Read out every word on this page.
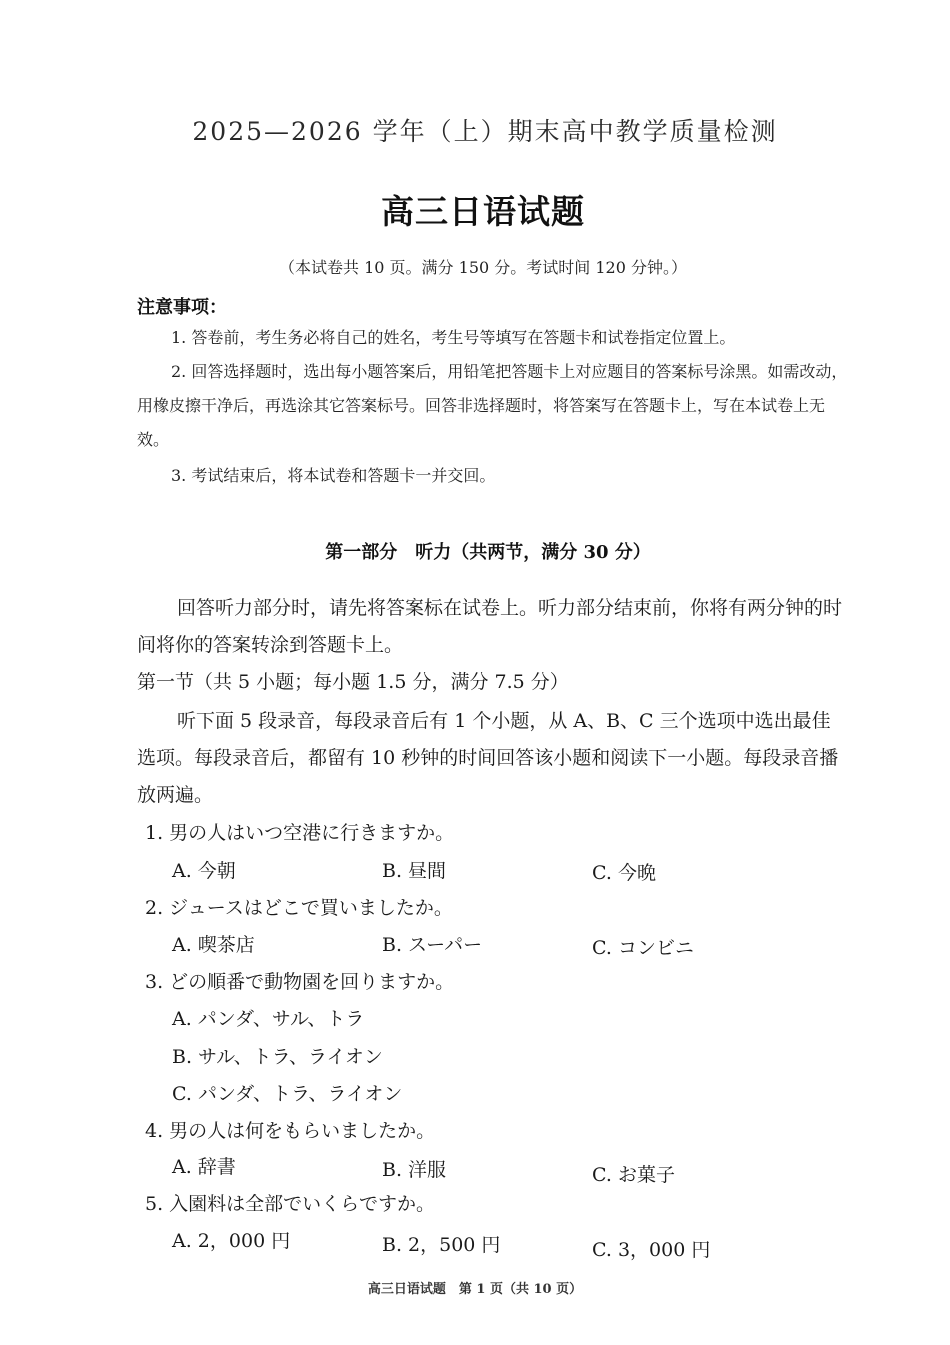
2025—2026 学年（上）期末高中教学质量检测
高三日语试题
（本试卷共 10 页。满分 150 分。考试时间 120 分钟。）
注意事项：
1. 答卷前，考生务必将自己的姓名，考生号等填写在答题卡和试卷指定位置上。
2. 回答选择题时，选出每小题答案后，用铅笔把答题卡上对应题目的答案标号涂黑。如需改动，用橡皮擦干净后，再选涂其它答案标号。回答非选择题时，将答案写在答题卡上，写在本试卷上无效。
3. 考试结束后，将本试卷和答题卡一并交回。
第一部分　听力（共两节，满分 30 分）
回答听力部分时，请先将答案标在试卷上。听力部分结束前，你将有两分钟的时间将你的答案转涂到答题卡上。
第一节（共 5 小题；每小题 1.5 分，满分 7.5 分）
听下面 5 段录音，每段录音后有 1 个小题，从 A、B、C 三个选项中选出最佳选项。每段录音后，都留有 10 秒钟的时间回答该小题和阅读下一小题。每段录音播放两遍。
1. 男の人はいつ空港に行きますか。
A. 今朝	B. 昼間	C. 今晩
2. ジュースはどこで買いましたか。
A. 喫茶店	B. スーパー	C. コンビニ
3. どの順番で動物園を回りますか。
A. パンダ、サル、トラ
B. サル、トラ、ライオン
C. パンダ、トラ、ライオン
4. 男の人は何をもらいましたか。
A. 辞書	B. 洋服	C. お菓子
5. 入園料は全部でいくらですか。
A. 2，000 円	B. 2，500 円	C. 3，000 円
高三日语试题　第 1 页（共 10 页）
